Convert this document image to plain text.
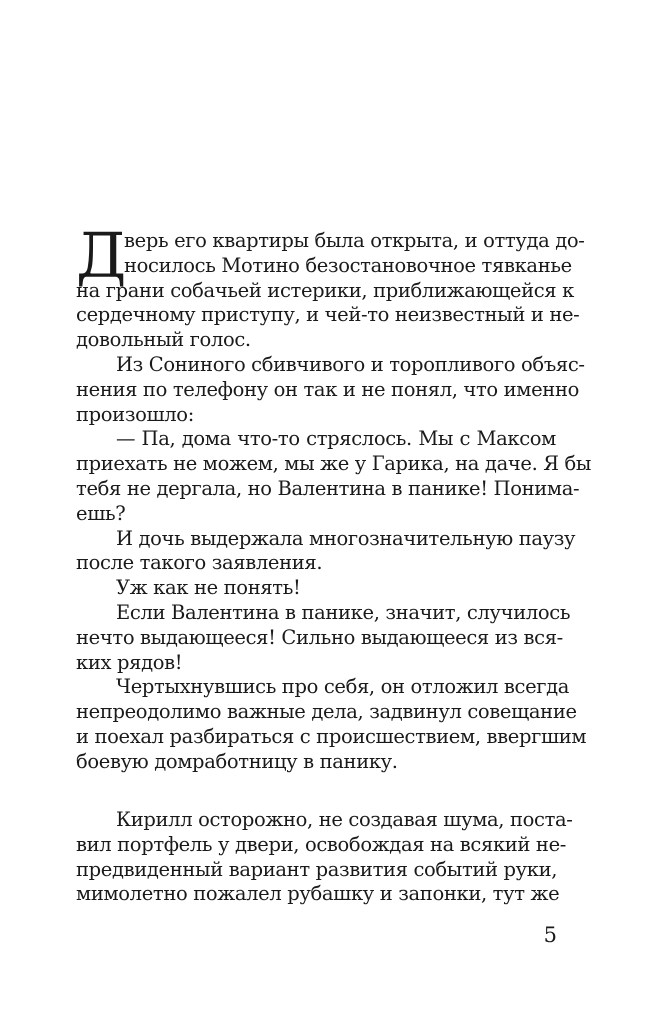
Д
верь его квартиры была открыта, и оттуда до-
носилось Мотино безостановочное тявканье
на грани собачьей истерики, приближающейся к
сердечному приступу, и чей-то неизвестный и не-
довольный голос.
Из Сониного сбивчивого и торопливого объяс-
нения по телефону он так и не понял, что именно
произошло:
— Па, дома что-то стряслось. Мы с Максом
приехать не можем, мы же у Гарика, на даче. Я бы
тебя не дергала, но Валентина в панике! Понима-
ешь?
И дочь выдержала многозначительную паузу
после такого заявления.
Уж как не понять!
Если Валентина в панике, значит, случилось
нечто выдающееся! Сильно выдающееся из вся-
ких рядов!
Чертыхнувшись про себя, он отложил всегда
непреодолимо важные дела, задвинул совещание
и поехал разбираться с происшествием, ввергшим
боевую домработницу в панику.
Кирилл осторожно, не создавая шума, поста-
вил портфель у двери, освобождая на всякий не-
предвиденный вариант развития событий руки,
мимолетно пожалел рубашку и запонки, тут же
5
